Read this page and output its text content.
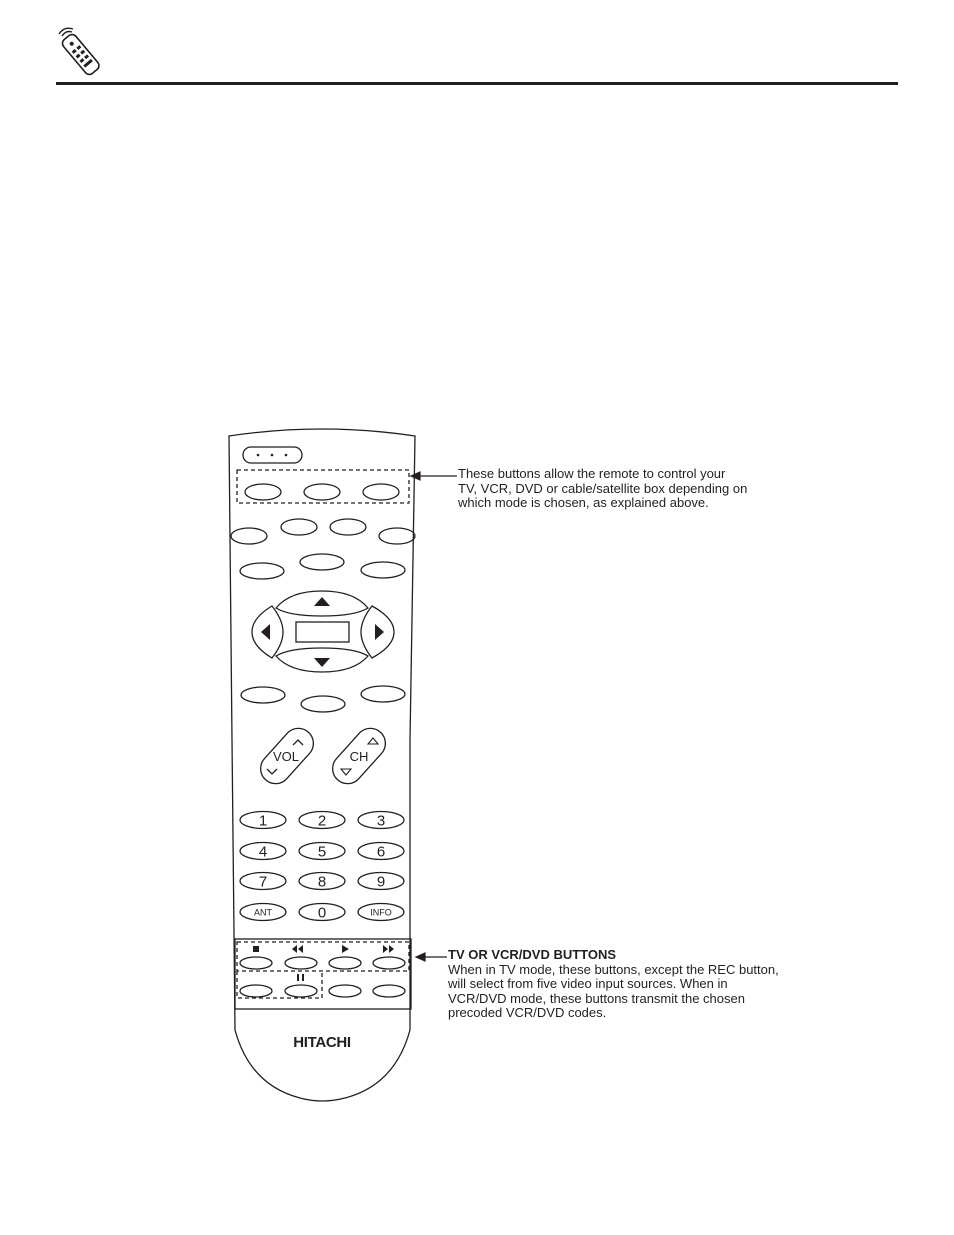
VOL	CH
1	2	3
4	5	6
7	8	9
ANT	0	INFO
HITACHI
These buttons allow the remote to control your
TV, VCR, DVD or cable/satellite box depending on
which mode is chosen, as explained above.
TV OR VCR/DVD BUTTONS
When in TV mode, these buttons, except the REC button,
will select from five video input sources. When in
VCR/DVD mode, these buttons transmit the chosen
precoded VCR/DVD codes.
